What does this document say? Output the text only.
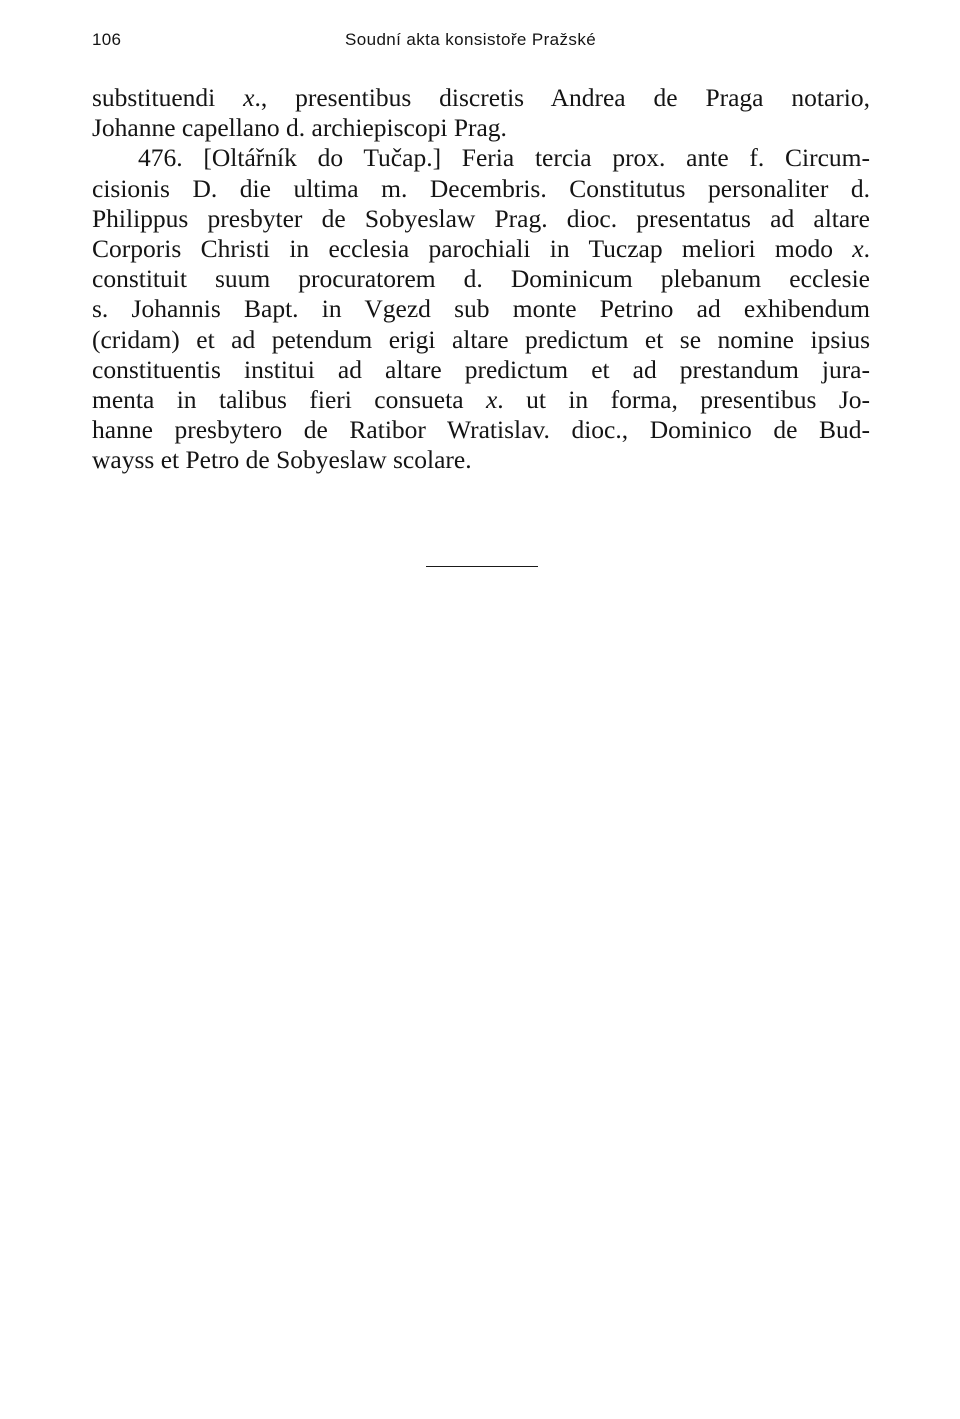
106	Soudní akta konsistoře Pražské
substituendi x., presentibus discretis Andrea de Praga notario,
Johanne capellano d. archiepiscopi Prag.
476. [Oltářník do Tučap.] Feria tercia prox. ante f. Circum-
cisionis D. die ultima m. Decembris. Constitutus personaliter d.
Philippus presbyter de Sobyeslaw Prag. dioc. presentatus ad altare
Corporis Christi in ecclesia parochiali in Tuczap meliori modo x.
constituit suum procuratorem d. Dominicum plebanum ecclesie
s. Johannis Bapt. in Vgezd sub monte Petrino ad exhibendum
(cridam) et ad petendum erigi altare predictum et se nomine ipsius
constituentis institui ad altare predictum et ad prestandum jura-
menta in talibus fieri consueta x. ut in forma, presentibus Jo-
hanne presbytero de Ratibor Wratislav. dioc., Dominico de Bud-
wayss et Petro de Sobyeslaw scolare.
